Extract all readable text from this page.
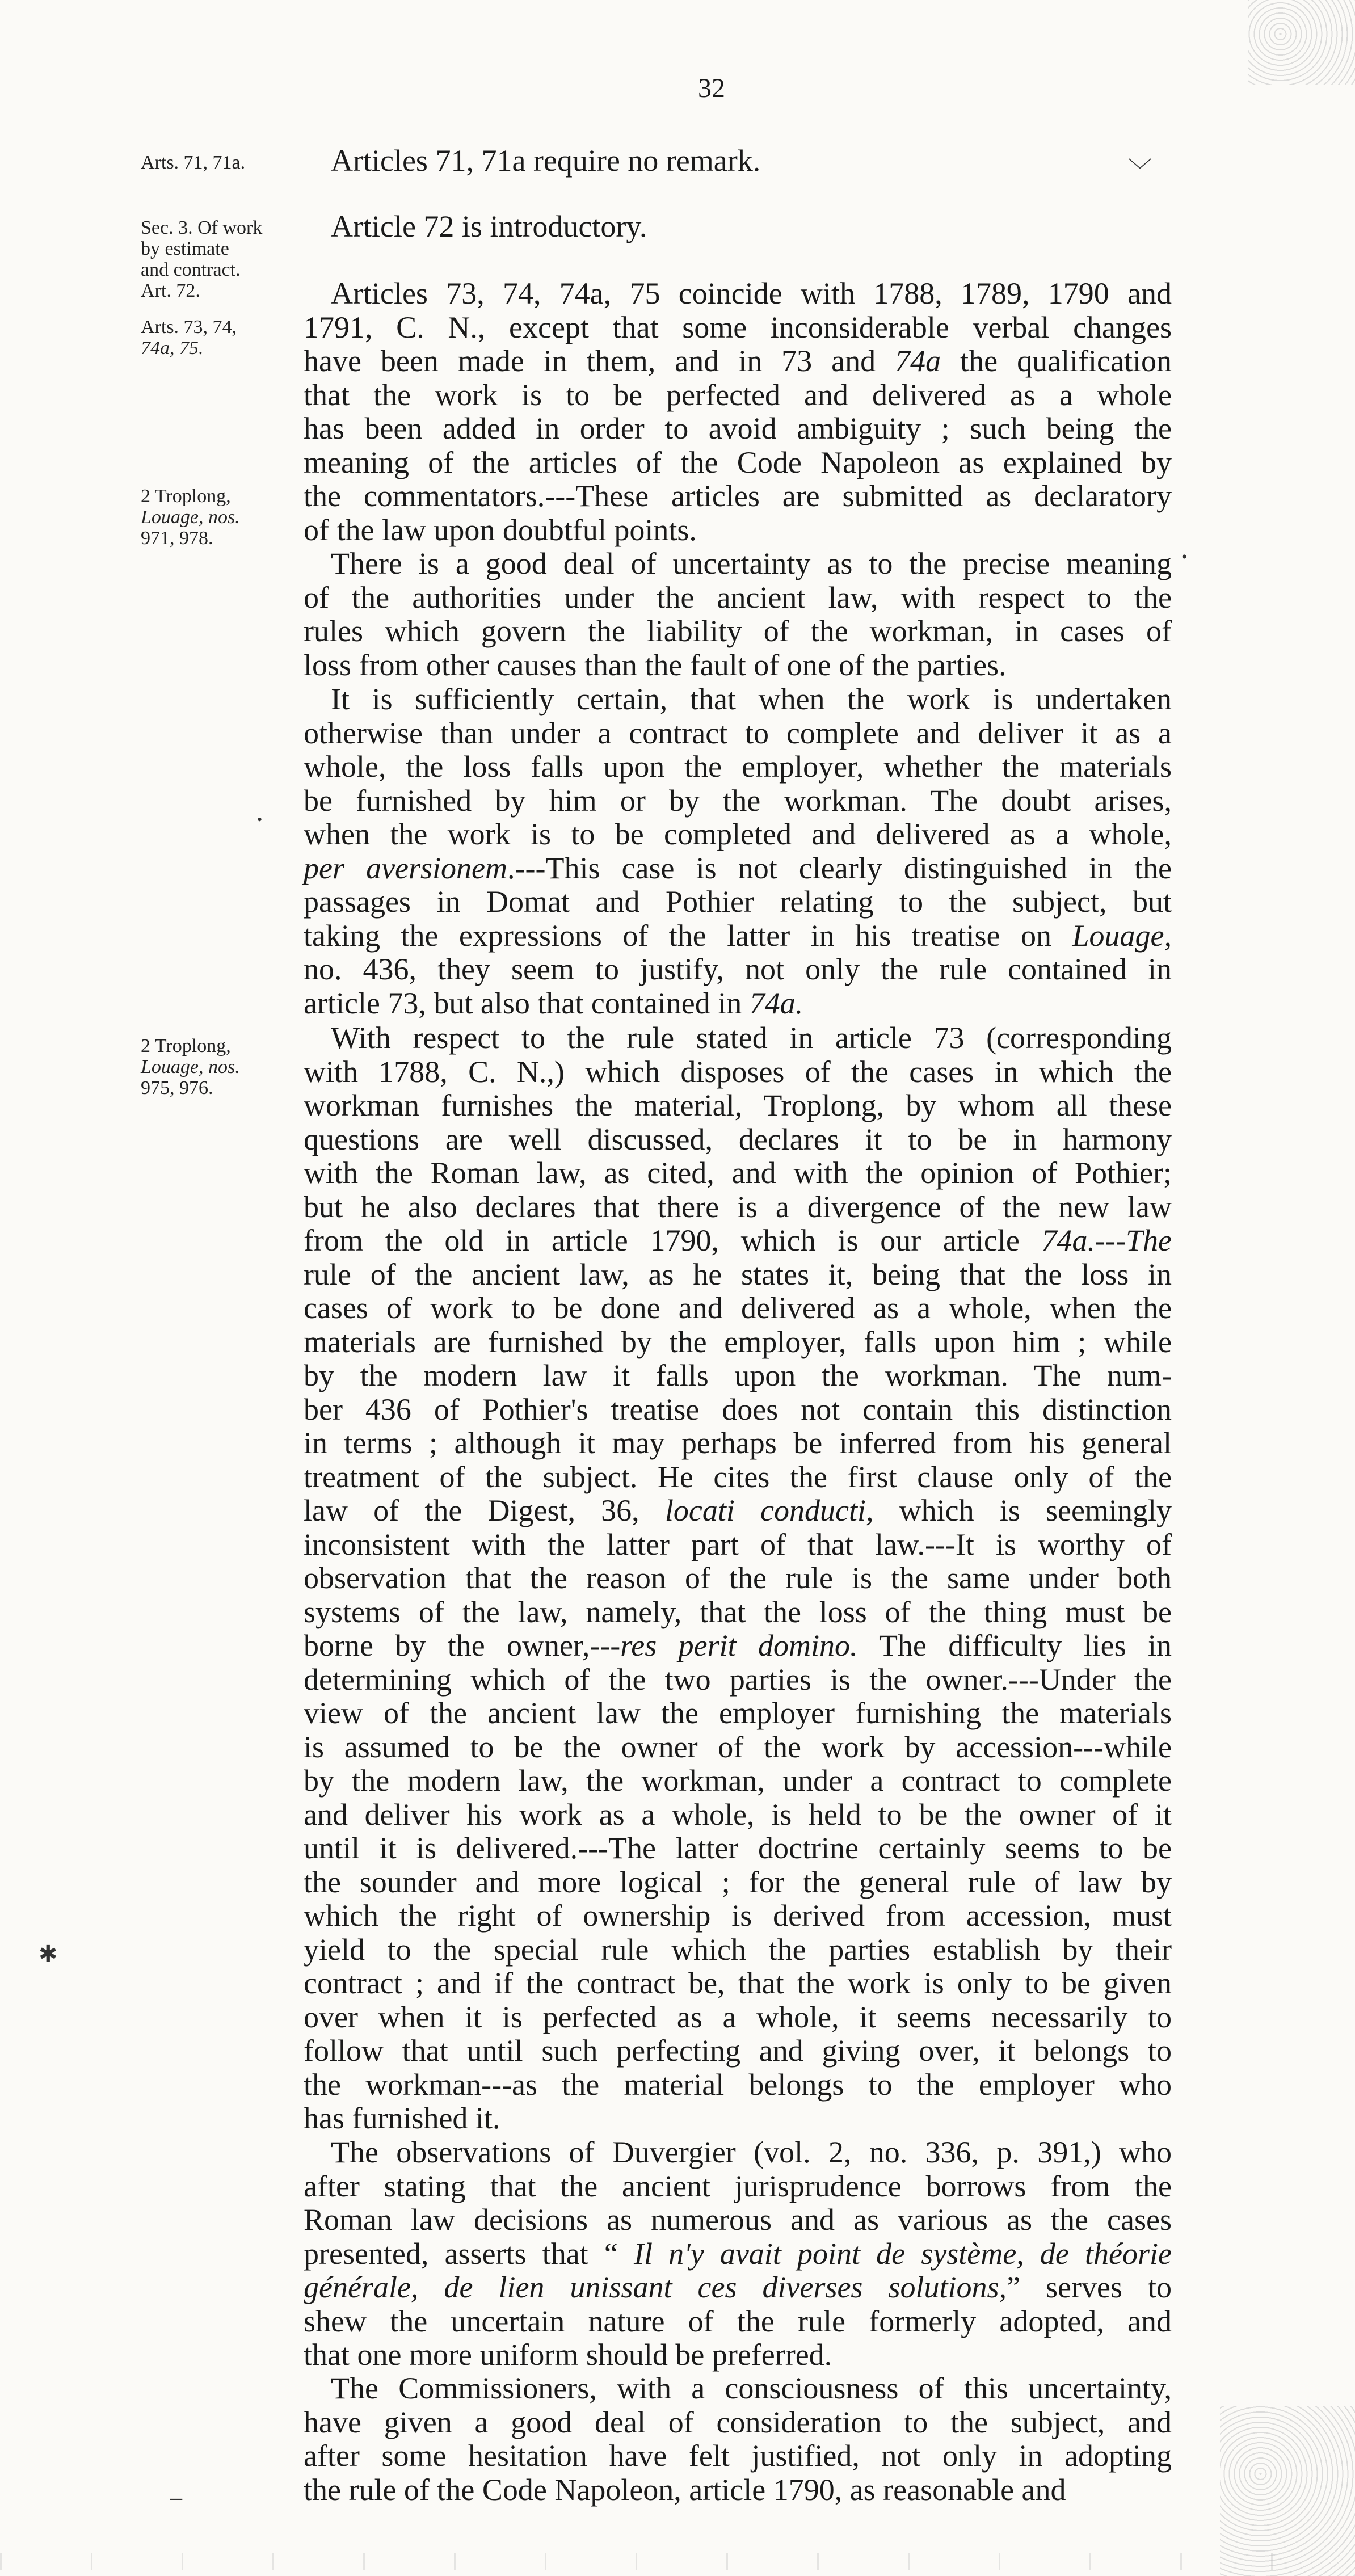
32
Arts. 71, 71a.
Sec. 3. Of work
by estimate
and contract.
Art. 72.
Arts. 73, 74,
74a, 75.
2 Troplong,
Louage, nos.
971, 978.
2 Troplong,
Louage, nos.
975, 976.
Articles 71, 71a require no remark.
Article 72 is introductory.
Articles 73, 74, 74a, 75 coincide with 1788, 1789, 1790 and
1791, C. N., except that some inconsiderable verbal changes
have been made in them, and in 73 and 74a the qualification
that the work is to be perfected and delivered as a whole
has been added in order to avoid ambiguity ; such being the
meaning of the articles of the Code Napoleon as explained by
the commentators.---These articles are submitted as declaratory
of the law upon doubtful points.
There is a good deal of uncertainty as to the precise meaning
of the authorities under the ancient law, with respect to the
rules which govern the liability of the workman, in cases of
loss from other causes than the fault of one of the parties.
It is sufficiently certain, that when the work is undertaken
otherwise than under a contract to complete and deliver it as a
whole, the loss falls upon the employer, whether the materials
be furnished by him or by the workman. The doubt arises,
when the work is to be completed and delivered as a whole,
per aversionem.---This case is not clearly distinguished in the
passages in Domat and Pothier relating to the subject, but
taking the expressions of the latter in his treatise on Louage,
no. 436, they seem to justify, not only the rule contained in
article 73, but also that contained in 74a.
With respect to the rule stated in article 73 (corresponding
with 1788, C. N.,) which disposes of the cases in which the
workman furnishes the material, Troplong, by whom all these
questions are well discussed, declares it to be in harmony
with the Roman law, as cited, and with the opinion of Pothier;
but he also declares that there is a divergence of the new law
from the old in article 1790, which is our article 74a.---The
rule of the ancient law, as he states it, being that the loss in
cases of work to be done and delivered as a whole, when the
materials are furnished by the employer, falls upon him ; while
by the modern law it falls upon the workman. The num-
ber 436 of Pothier's treatise does not contain this distinction
in terms ; although it may perhaps be inferred from his general
treatment of the subject. He cites the first clause only of the
law of the Digest, 36, locati conducti, which is seemingly
inconsistent with the latter part of that law.---It is worthy of
observation that the reason of the rule is the same under both
systems of the law, namely, that the loss of the thing must be
borne by the owner,---res perit domino. The difficulty lies in
determining which of the two parties is the owner.---Under the
view of the ancient law the employer furnishing the materials
is assumed to be the owner of the work by accession---while
by the modern law, the workman, under a contract to complete
and deliver his work as a whole, is held to be the owner of it
until it is delivered.---The latter doctrine certainly seems to be
the sounder and more logical ; for the general rule of law by
which the right of ownership is derived from accession, must
yield to the special rule which the parties establish by their
contract ; and if the contract be, that the work is only to be given
over when it is perfected as a whole, it seems necessarily to
follow that until such perfecting and giving over, it belongs to
the workman---as the material belongs to the employer who
has furnished it.
The observations of Duvergier (vol. 2, no. 336, p. 391,) who
after stating that the ancient jurisprudence borrows from the
Roman law decisions as numerous and as various as the cases
presented, asserts that “ Il n'y avait point de système, de théorie
générale, de lien unissant ces diverses solutions,” serves to
shew the uncertain nature of the rule formerly adopted, and
that one more uniform should be preferred.
The Commissioners, with a consciousness of this uncertainty,
have given a good deal of consideration to the subject, and
after some hesitation have felt justified, not only in adopting
the rule of the Code Napoleon, article 1790, as reasonable and
﹀
•
•
✱
–
